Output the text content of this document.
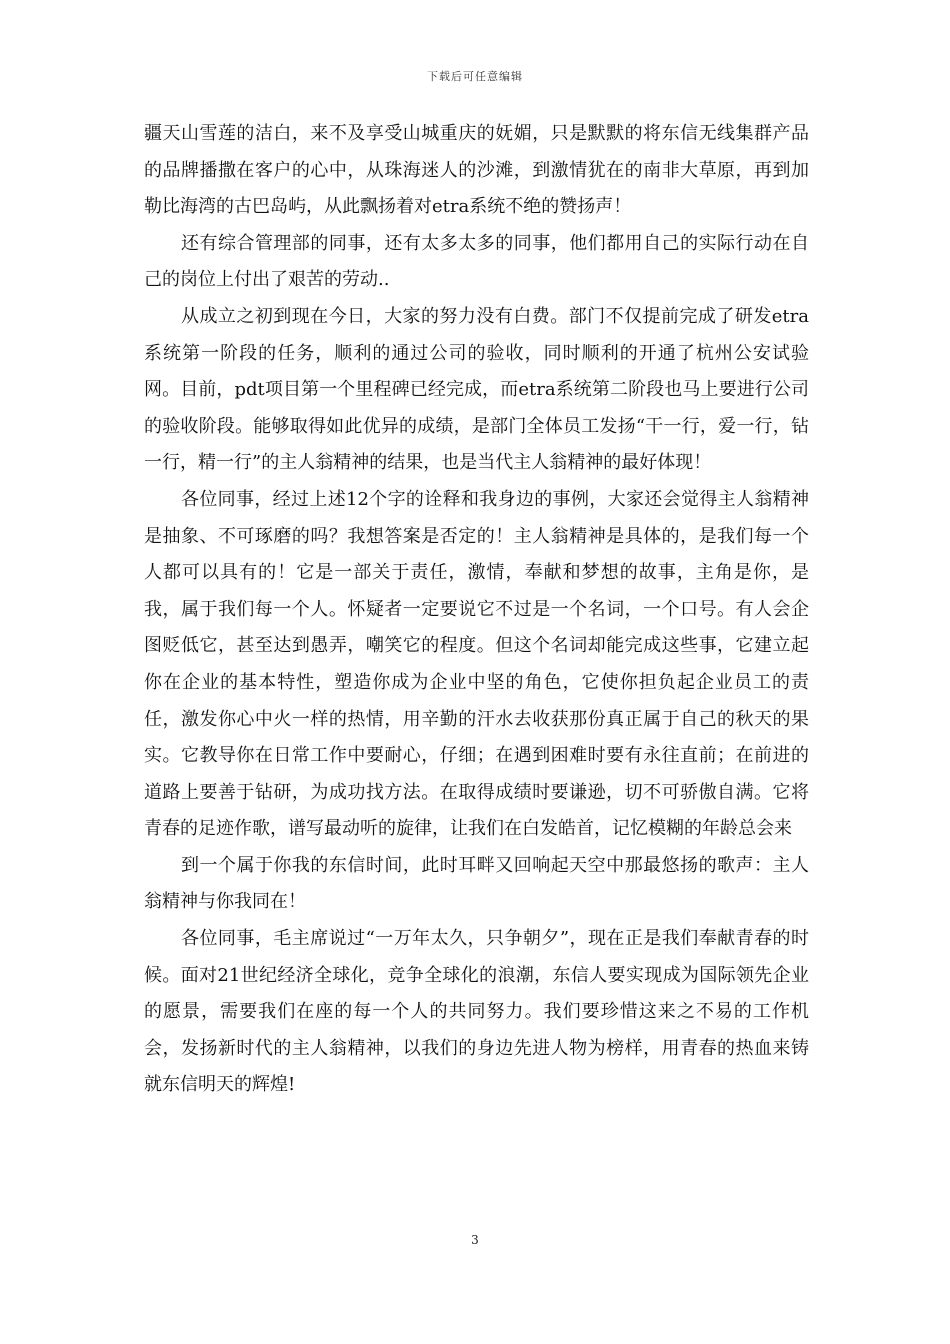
下载后可任意编辑

疆天山雪莲的洁白，来不及享受山城重庆的妩媚，只是默默的将东信无线集群产品的品牌播撒在客户的心中，从珠海迷人的沙滩，到激情犹在的南非大草原，再到加勒比海湾的古巴岛屿，从此飘扬着对etra系统不绝的赞扬声！

还有综合管理部的同事，还有太多太多的同事，他们都用自己的实际行动在自己的岗位上付出了艰苦的劳动..

从成立之初到现在今日，大家的努力没有白费。部门不仅提前完成了研发etra系统第一阶段的任务，顺利的通过公司的验收，同时顺利的开通了杭州公安试验网。目前，pdt项目第一个里程碑已经完成，而etra系统第二阶段也马上要进行公司的验收阶段。能够取得如此优异的成绩，是部门全体员工发扬“干一行，爱一行，钻一行，精一行”的主人翁精神的结果，也是当代主人翁精神的最好体现！

各位同事，经过上述12个字的诠释和我身边的事例，大家还会觉得主人翁精神是抽象、不可琢磨的吗？我想答案是否定的！主人翁精神是具体的，是我们每一个人都可以具有的！它是一部关于责任，激情，奉献和梦想的故事，主角是你，是我，属于我们每一个人。怀疑者一定要说它不过是一个名词，一个口号。有人会企图贬低它，甚至达到愚弄，嘲笑它的程度。但这个名词却能完成这些事，它建立起你在企业的基本特性，塑造你成为企业中坚的角色，它使你担负起企业员工的责任，激发你心中火一样的热情，用辛勤的汗水去收获那份真正属于自己的秋天的果实。它教导你在日常工作中要耐心，仔细；在遇到困难时要有永往直前；在前进的道路上要善于钻研，为成功找方法。在取得成绩时要谦逊，切不可骄傲自满。它将青春的足迹作歌，谱写最动听的旋律，让我们在白发皓首，记忆模糊的年龄总会来

到一个属于你我的东信时间，此时耳畔又回响起天空中那最悠扬的歌声：主人翁精神与你我同在！

各位同事，毛主席说过“一万年太久，只争朝夕”，现在正是我们奉献青春的时候。面对21世纪经济全球化，竞争全球化的浪潮，东信人要实现成为国际领先企业的愿景，需要我们在座的每一个人的共同努力。我们要珍惜这来之不易的工作机会，发扬新时代的主人翁精神，以我们的身边先进人物为榜样，用青春的热血来铸就东信明天的辉煌!

3
